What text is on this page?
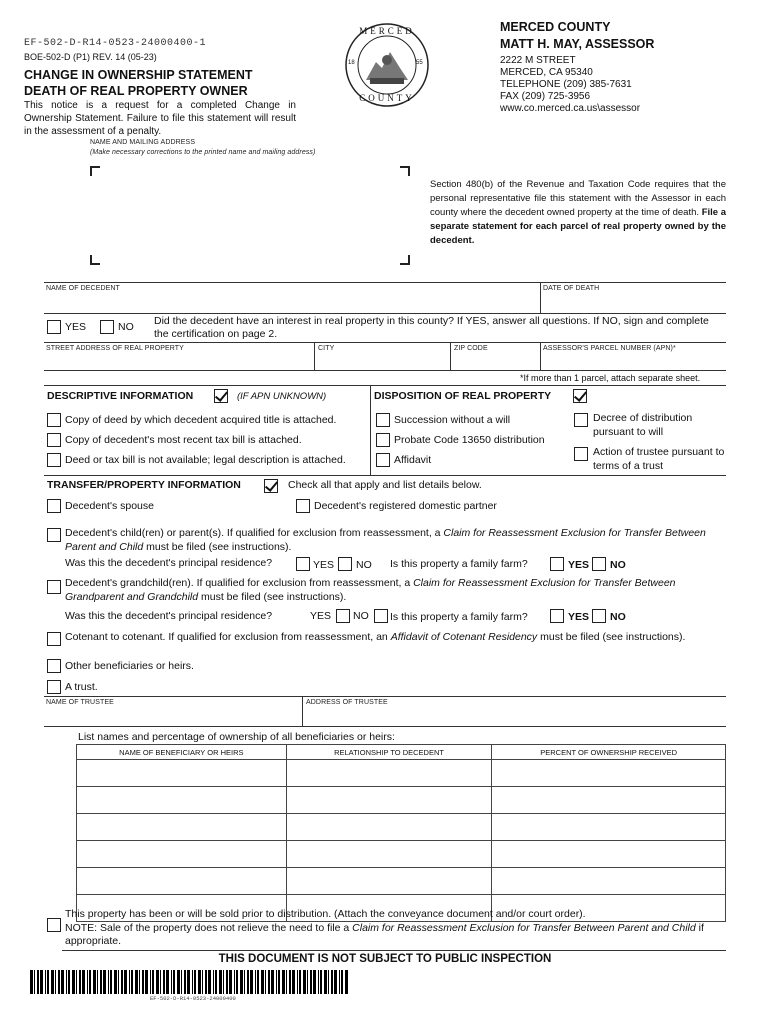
EF-502-D-R14-0523-24000400-1
BOE-502-D (P1) REV. 14 (05-23)
CHANGE IN OWNERSHIP STATEMENT
DEATH OF REAL PROPERTY OWNER
This notice is a request for a completed Change in Ownership Statement. Failure to file this statement will result in the assessment of a penalty.
MERCED
COUNTY
18	55
MERCED COUNTY
MATT H. MAY, ASSESSOR
2222 M STREET
MERCED, CA 95340
TELEPHONE (209) 385-7631
FAX (209) 725-3956
www.co.merced.ca.us\assessor
NAME AND MAILING ADDRESS
(Make necessary corrections to the printed name and mailing address)
Section 480(b) of the Revenue and Taxation Code requires that the personal representative file this statement with the Assessor in each county where the decedent owned property at the time of death. File a separate statement for each parcel of real property owned by the decedent.
NAME OF DECEDENT	DATE OF DEATH
YES	NO Did the decedent have an interest in real property in this county? If YES, answer all questions. If NO, sign and complete the certification on page 2.
STREET ADDRESS OF REAL PROPERTY	CITY	ZIP CODE	ASSESSOR'S PARCEL NUMBER (APN)*
*If more than 1 parcel, attach separate sheet.
DESCRIPTIVE INFORMATION	(IF APN UNKNOWN)
Copy of deed by which decedent acquired title is attached.
Copy of decedent's most recent tax bill is attached.
Deed or tax bill is not available; legal description is attached.
DISPOSITION OF REAL PROPERTY
Succession without a will
Probate Code 13650 distribution
Affidavit
Decree of distribution pursuant to will
Action of trustee pursuant to terms of a trust
TRANSFER/PROPERTY INFORMATION	Check all that apply and list details below.
Decedent's spouse	Decedent's registered domestic partner
Decedent's child(ren) or parent(s). If qualified for exclusion from reassessment, a Claim for Reassessment Exclusion for Transfer Between Parent and Child must be filed (see instructions).
Was this the decedent's principal residence?	YES NO Is this property a family farm?	YES NO
Decedent's grandchild(ren). If qualified for exclusion from reassessment, a Claim for Reassessment Exclusion for Transfer Between Grandparent and Grandchild must be filed (see instructions).
Was this the decedent's principal residence?	YES NO Is this property a family farm?	YES NO
Cotenant to cotenant. If qualified for exclusion from reassessment, an Affidavit of Cotenant Residency must be filed (see instructions).
Other beneficiaries or heirs.
A trust.
NAME OF TRUSTEE	ADDRESS OF TRUSTEE
List names and percentage of ownership of all beneficiaries or heirs:
NAME OF BENEFICIARY OR HEIRS	RELATIONSHIP TO DECEDENT	PERCENT OF OWNERSHIP RECEIVED

This property has been or will be sold prior to distribution. (Attach the conveyance document and/or court order).
NOTE: Sale of the property does not relieve the need to file a Claim for Reassessment Exclusion for Transfer Between Parent and Child if appropriate.
THIS DOCUMENT IS NOT SUBJECT TO PUBLIC INSPECTION
EF-502-D-R14-0523-24000400
